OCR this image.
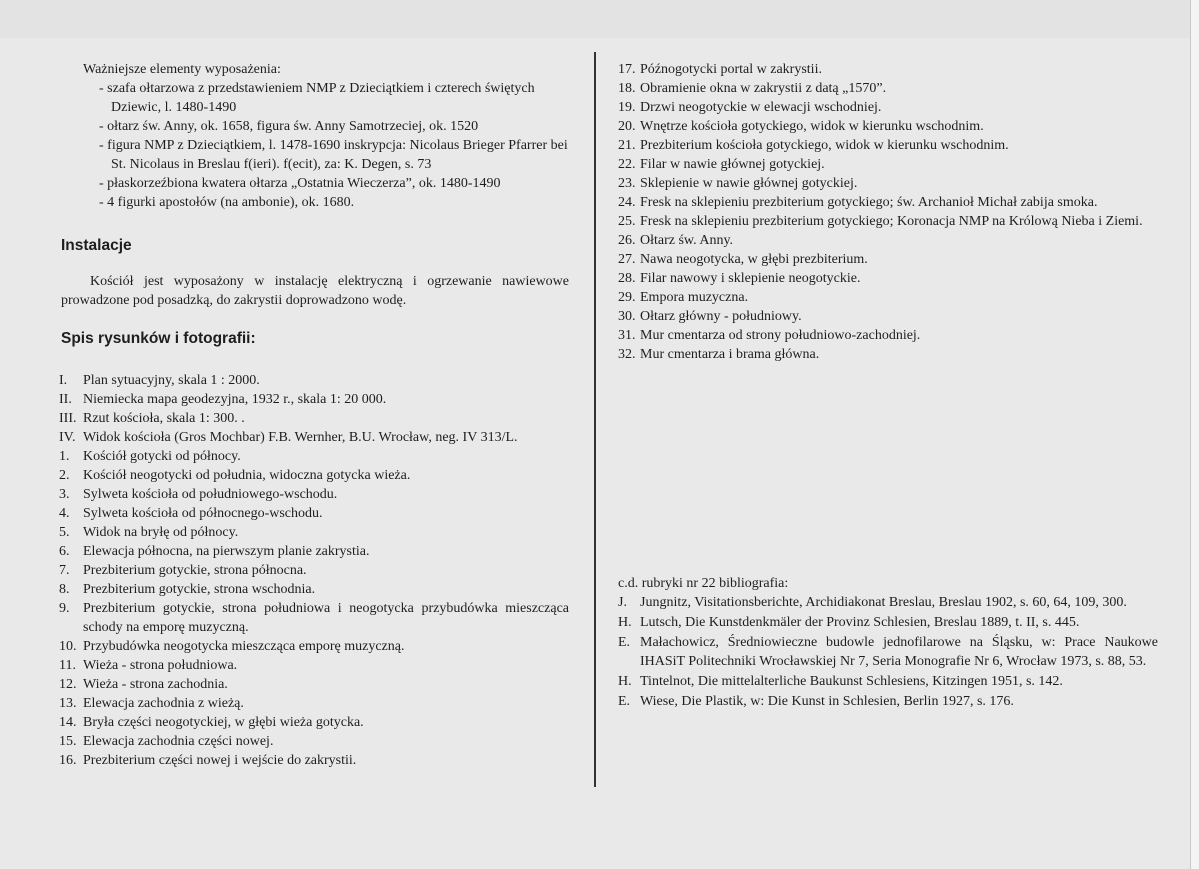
Ważniejsze elementy wyposażenia:

- szafa ołtarzowa z przedstawieniem NMP z Dzieciątkiem i czterech świętych Dziewic, l. 1480-1490
- ołtarz św. Anny, ok. 1658, figura św. Anny Samotrzeciej, ok. 1520
- figura NMP z Dzieciątkiem, l. 1478-1690 inskrypcja: Nicolaus Brieger Pfarrer bei St. Nicolaus in Breslau f(ieri). f(ecit), za: K. Degen, s. 73
- płaskorzeźbiona kwatera ołtarza „Ostatnia Wieczerza”, ok. 1480-1490
- 4 figurki apostołów (na ambonie), ok. 1680.
Instalacje

Kościół jest wyposażony w instalację elektryczną i ogrzewanie nawiewowe prowadzone pod posadzką, do zakrystii doprowadzono wodę.

Spis rysunków i fotografii:
I.	Plan sytuacyjny, skala 1 : 2000.
II. Niemiecka mapa geodezyjna, 1932 r., skala 1: 20 000.
III. Rzut kościoła, skala 1: 300. .
IV. Widok kościoła (Gros Mochbar) F.B. Wernher, B.U. Wrocław, neg. IV 313/L.
1. Kościół gotycki od północy.
2. Kościół neogotycki od południa, widoczna gotycka wieża.
3. Sylweta kościoła od południowego-wschodu.
4. Sylweta kościoła od północnego-wschodu.
5. Widok na bryłę od północy.
6. Elewacja północna, na pierwszym planie zakrystia.
7. Prezbiterium gotyckie, strona północna.
8. Prezbiterium gotyckie, strona wschodnia.
9. Prezbiterium gotyckie, strona południowa i neogotycka przybudówka mieszcząca schody na emporę muzyczną.
10. Przybudówka neogotycka mieszcząca emporę muzyczną.
11. Wieża - strona południowa.
12. Wieża - strona zachodnia.
13. Elewacja zachodnia z wieżą.
14. Bryła części neogotyckiej, w głębi wieża gotycka.
15. Elewacja zachodnia części nowej.
16. Prezbiterium części nowej i wejście do zakrystii.
17. Późnogotycki portal w zakrystii.
18. Obramienie okna w zakrystii z datą „1570”.
19. Drzwi neogotyckie w elewacji wschodniej.
20. Wnętrze kościoła gotyckiego, widok w kierunku wschodnim.
21. Prezbiterium kościoła gotyckiego, widok w kierunku wschodnim.
22. Filar w nawie głównej gotyckiej.
23. Sklepienie w nawie głównej gotyckiej.
24. Fresk na sklepieniu prezbiterium gotyckiego; św. Archanioł Michał zabija smoka.
25. Fresk na sklepieniu prezbiterium gotyckiego; Koronacja NMP na Królową Nieba i Ziemi.
26. Ołtarz św. Anny.
27. Nawa neogotycka, w głębi prezbiterium.
28. Filar nawowy i sklepienie neogotyckie.
29. Empora muzyczna.
30. Ołtarz główny - południowy.
31. Mur cmentarza od strony południowo-zachodniej.
32. Mur cmentarza i brama główna.
c.d. rubryki nr 22 bibliografia:
J. Jungnitz, Visitationsberichte, Archidiakonat Breslau, Breslau 1902, s. 60, 64, 109, 300.
H. Lutsch, Die Kunstdenkmäler der Provinz Schlesien, Breslau 1889, t. II, s. 445.
E. Małachowicz, Średniowieczne budowle jednofilarowe na Śląsku, w: Prace Naukowe IHASiT Politechniki Wrocławskiej Nr 7, Seria Monografie Nr 6, Wrocław 1973, s. 88, 53.
H. Tintelnot, Die mittelalterliche Baukunst Schlesiens, Kitzingen 1951, s. 142.
E. Wiese, Die Plastik, w: Die Kunst in Schlesien, Berlin 1927, s. 176.
